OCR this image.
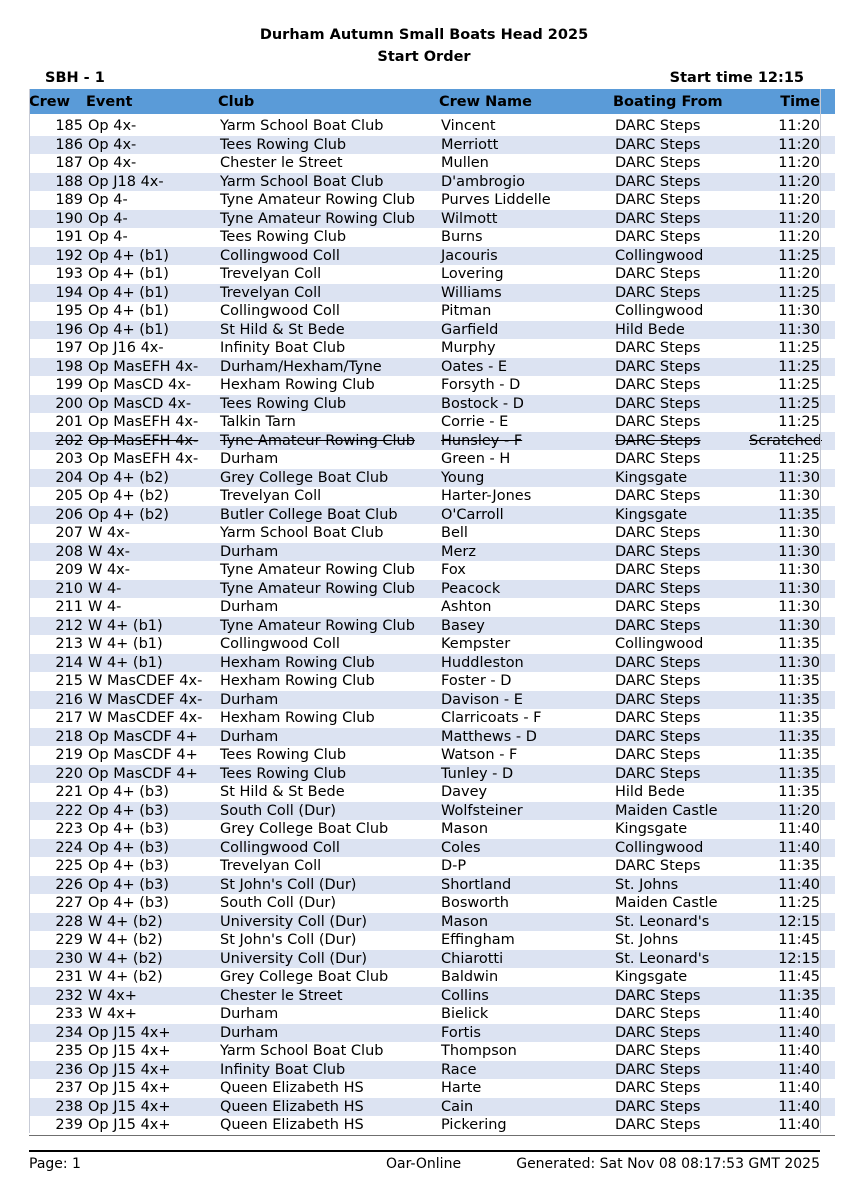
Durham Autumn Small Boats Head 2025
Start Order
SBH - 1	Start time 12:15
Crew	Event	Club	Crew Name	Boating From	Time
185	Op 4x-	Yarm School Boat Club	Vincent	DARC Steps	11:20
186	Op 4x-	Tees Rowing Club	Merriott	DARC Steps	11:20
187	Op 4x-	Chester le Street	Mullen	DARC Steps	11:20
188	Op J18 4x-	Yarm School Boat Club	D'ambrogio	DARC Steps	11:20
189	Op 4-	Tyne Amateur Rowing Club	Purves Liddelle	DARC Steps	11:20
190	Op 4-	Tyne Amateur Rowing Club	Wilmott	DARC Steps	11:20
191	Op 4-	Tees Rowing Club	Burns	DARC Steps	11:20
192	Op 4+ (b1)	Collingwood Coll	Jacouris	Collingwood	11:25
193	Op 4+ (b1)	Trevelyan Coll	Lovering	DARC Steps	11:20
194	Op 4+ (b1)	Trevelyan Coll	Williams	DARC Steps	11:25
195	Op 4+ (b1)	Collingwood Coll	Pitman	Collingwood	11:30
196	Op 4+ (b1)	St Hild & St Bede	Garfield	Hild Bede	11:30
197	Op J16 4x-	Infinity Boat Club	Murphy	DARC Steps	11:25
198	Op MasEFH 4x-	Durham/Hexham/Tyne	Oates - E	DARC Steps	11:25
199	Op MasCD 4x-	Hexham Rowing Club	Forsyth - D	DARC Steps	11:25
200	Op MasCD 4x-	Tees Rowing Club	Bostock - D	DARC Steps	11:25
201	Op MasEFH 4x-	Talkin Tarn	Corrie - E	DARC Steps	11:25
202	Op MasEFH 4x-	Tyne Amateur Rowing Club	Hunsley - F	DARC Steps	Scratched
203	Op MasEFH 4x-	Durham	Green - H	DARC Steps	11:25
204	Op 4+ (b2)	Grey College Boat Club	Young	Kingsgate	11:30
205	Op 4+ (b2)	Trevelyan Coll	Harter-Jones	DARC Steps	11:30
206	Op 4+ (b2)	Butler College Boat Club	O'Carroll	Kingsgate	11:35
207	W 4x-	Yarm School Boat Club	Bell	DARC Steps	11:30
208	W 4x-	Durham	Merz	DARC Steps	11:30
209	W 4x-	Tyne Amateur Rowing Club	Fox	DARC Steps	11:30
210	W 4-	Tyne Amateur Rowing Club	Peacock	DARC Steps	11:30
211	W 4-	Durham	Ashton	DARC Steps	11:30
212	W 4+ (b1)	Tyne Amateur Rowing Club	Basey	DARC Steps	11:30
213	W 4+ (b1)	Collingwood Coll	Kempster	Collingwood	11:35
214	W 4+ (b1)	Hexham Rowing Club	Huddleston	DARC Steps	11:30
215	W MasCDEF 4x-	Hexham Rowing Club	Foster - D	DARC Steps	11:35
216	W MasCDEF 4x-	Durham	Davison - E	DARC Steps	11:35
217	W MasCDEF 4x-	Hexham Rowing Club	Clarricoats - F	DARC Steps	11:35
218	Op MasCDF 4+	Durham	Matthews - D	DARC Steps	11:35
219	Op MasCDF 4+	Tees Rowing Club	Watson - F	DARC Steps	11:35
220	Op MasCDF 4+	Tees Rowing Club	Tunley - D	DARC Steps	11:35
221	Op 4+ (b3)	St Hild & St Bede	Davey	Hild Bede	11:35
222	Op 4+ (b3)	South Coll (Dur)	Wolfsteiner	Maiden Castle	11:20
223	Op 4+ (b3)	Grey College Boat Club	Mason	Kingsgate	11:40
224	Op 4+ (b3)	Collingwood Coll	Coles	Collingwood	11:40
225	Op 4+ (b3)	Trevelyan Coll	D-P	DARC Steps	11:35
226	Op 4+ (b3)	St John's Coll (Dur)	Shortland	St. Johns	11:40
227	Op 4+ (b3)	South Coll (Dur)	Bosworth	Maiden Castle	11:25
228	W 4+ (b2)	University Coll (Dur)	Mason	St. Leonard's	12:15
229	W 4+ (b2)	St John's Coll (Dur)	Effingham	St. Johns	11:45
230	W 4+ (b2)	University Coll (Dur)	Chiarotti	St. Leonard's	12:15
231	W 4+ (b2)	Grey College Boat Club	Baldwin	Kingsgate	11:45
232	W 4x+	Chester le Street	Collins	DARC Steps	11:35
233	W 4x+	Durham	Bielick	DARC Steps	11:40
234	Op J15 4x+	Durham	Fortis	DARC Steps	11:40
235	Op J15 4x+	Yarm School Boat Club	Thompson	DARC Steps	11:40
236	Op J15 4x+	Infinity Boat Club	Race	DARC Steps	11:40
237	Op J15 4x+	Queen Elizabeth HS	Harte	DARC Steps	11:40
238	Op J15 4x+	Queen Elizabeth HS	Cain	DARC Steps	11:40
239	Op J15 4x+	Queen Elizabeth HS	Pickering	DARC Steps	11:40
Page: 1	Oar-Online	Generated: Sat Nov 08 08:17:53 GMT 2025
